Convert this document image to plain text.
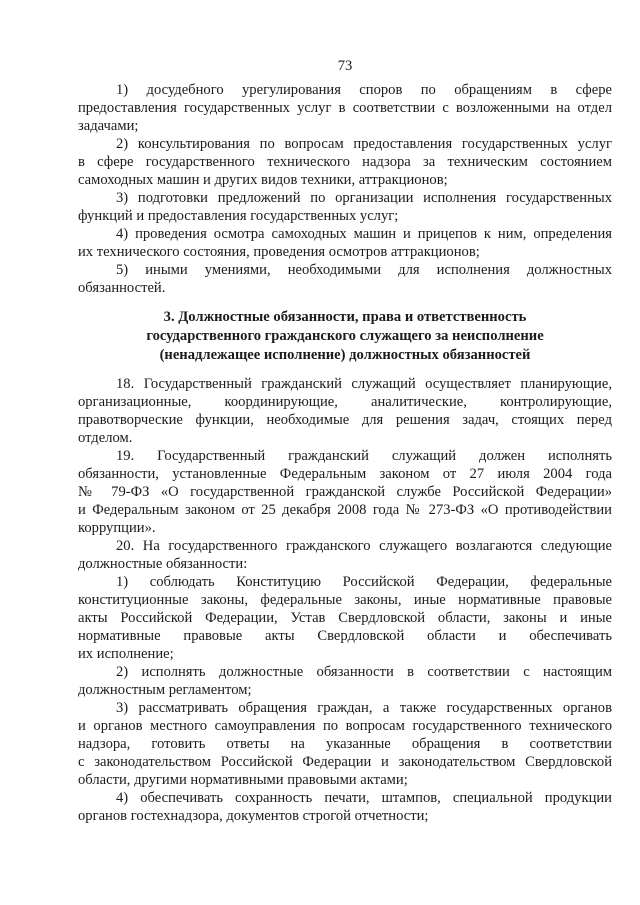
73
1) досудебного урегулирования споров по обращениям в сфере
предоставления государственных услуг в соответствии с возложенными на отдел
задачами;
2) консультирования по вопросам предоставления государственных услуг
в сфере государственного технического надзора за техническим состоянием
самоходных машин и других видов техники, аттракционов;
3) подготовки предложений по организации исполнения государственных
функций и предоставления государственных услуг;
4) проведения осмотра самоходных машин и прицепов к ним, определения
их технического состояния, проведения осмотров аттракционов;
5) иными умениями, необходимыми для исполнения должностных
обязанностей.
3. Должностные обязанности, права и ответственность
государственного гражданского служащего за неисполнение
(ненадлежащее исполнение) должностных обязанностей
18. Государственный гражданский служащий осуществляет планирующие,
организационные, координирующие, аналитические, контролирующие,
правотворческие функции, необходимые для решения задач, стоящих перед
отделом.
19. Государственный гражданский служащий должен исполнять
обязанности, установленные Федеральным законом от 27 июля 2004 года
№ 79-ФЗ «О государственной гражданской службе Российской Федерации»
и Федеральным законом от 25 декабря 2008 года № 273-ФЗ «О противодействии
коррупции».
20. На государственного гражданского служащего возлагаются следующие
должностные обязанности:
1) соблюдать Конституцию Российской Федерации, федеральные
конституционные законы, федеральные законы, иные нормативные правовые
акты Российской Федерации, Устав Свердловской области, законы и иные
нормативные правовые акты Свердловской области и обеспечивать
их исполнение;
2) исполнять должностные обязанности в соответствии с настоящим
должностным регламентом;
3) рассматривать обращения граждан, а также государственных органов
и органов местного самоуправления по вопросам государственного технического
надзора, готовить ответы на указанные обращения в соответствии
с законодательством Российской Федерации и законодательством Свердловской
области, другими нормативными правовыми актами;
4) обеспечивать сохранность печати, штампов, специальной продукции
органов гостехнадзора, документов строгой отчетности;
